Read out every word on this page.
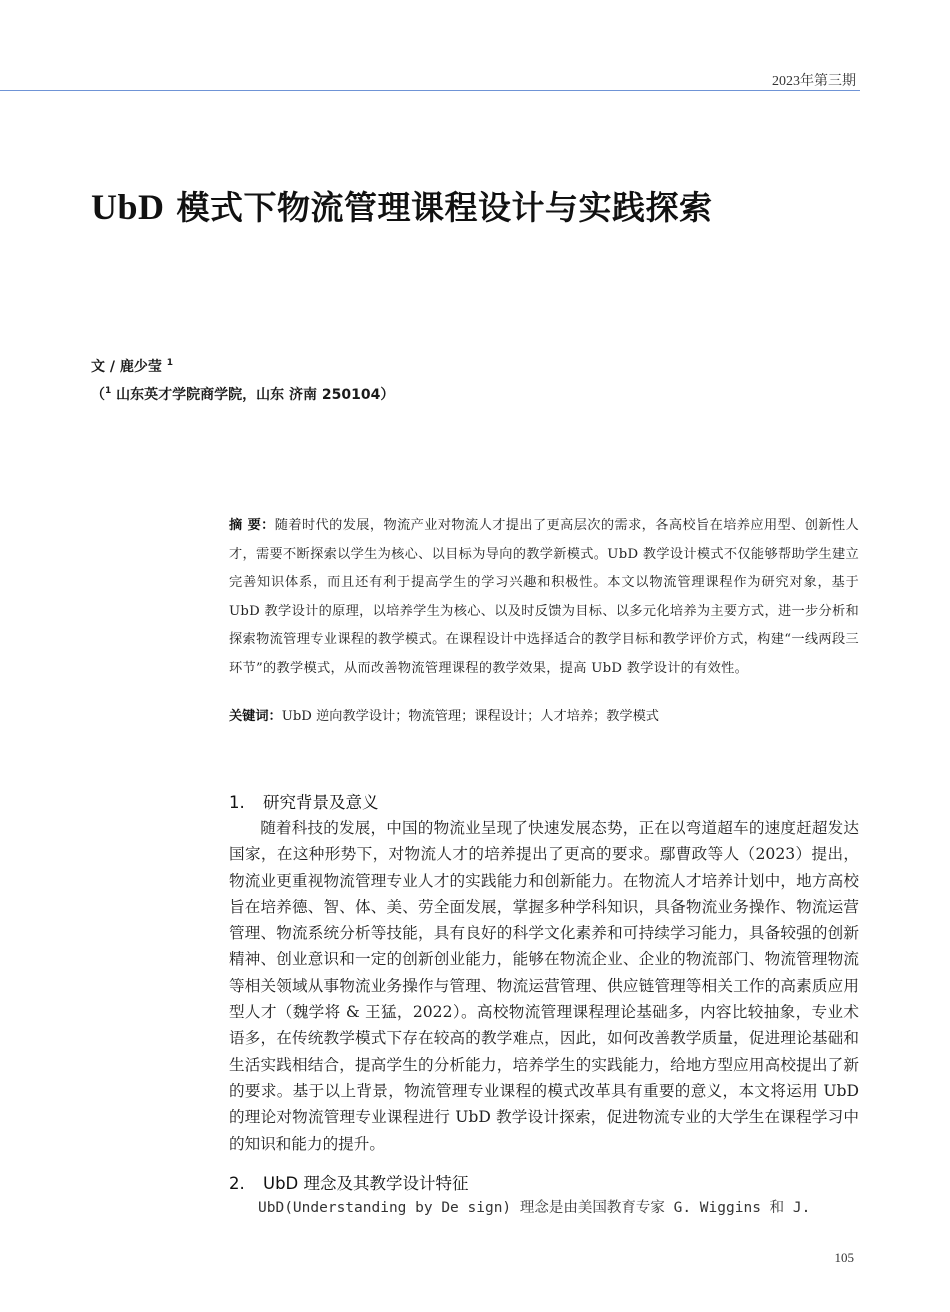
2023年第三期
UbD 模式下物流管理课程设计与实践探索
文 / 鹿少莹 $^1$
（$^1$ 山东英才学院商学院，山东 济南 250104）

摘 要：随着时代的发展，物流产业对物流人才提出了更高层次的需求，各高校旨在培养应用型、创新性人才，需要不断探索以学生为核心、以目标为导向的教学新模式。UbD 教学设计模式不仅能够帮助学生建立完善知识体系，而且还有利于提高学生的学习兴趣和积极性。本文以物流管理课程作为研究对象，基于 UbD 教学设计的原理，以培养学生为核心、以及时反馈为目标、以多元化培养为主要方式，进一步分析和探索物流管理专业课程的教学模式。在课程设计中选择适合的教学目标和教学评价方式，构建“一线两段三环节”的教学模式，从而改善物流管理课程的教学效果，提高 UbD 教学设计的有效性。

关键词：UbD 逆向教学设计；物流管理；课程设计；人才培养；教学模式

1. 研究背景及意义

随着科技的发展，中国的物流业呈现了快速发展态势，正在以弯道超车的速度赶超发达国家，在这种形势下，对物流人才的培养提出了更高的要求。鄢曹政等人（2023）提出，物流业更重视物流管理专业人才的实践能力和创新能力。在物流人才培养计划中，地方高校旨在培养德、智、体、美、劳全面发展，掌握多种学科知识，具备物流业务操作、物流运营管理、物流系统分析等技能，具有良好的科学文化素养和可持续学习能力，具备较强的创新精神、创业意识和一定的创新创业能力，能够在物流企业、企业的物流部门、物流管理物流等相关领域从事物流业务操作与管理、物流运营管理、供应链管理等相关工作的高素质应用型人才（魏学将 & 王猛，2022）。高校物流管理课程理论基础多，内容比较抽象，专业术语多，在传统教学模式下存在较高的教学难点，因此，如何改善教学质量，促进理论基础和生活实践相结合，提高学生的分析能力，培养学生的实践能力，给地方型应用高校提出了新的要求。基于以上背景，物流管理专业课程的模式改革具有重要的意义，本文将运用 UbD 的理论对物流管理专业课程进行 UbD 教学设计探索，促进物流专业的大学生在课程学习中的知识和能力的提升。

2. UbD 理念及其教学设计特征

UbD(Understanding by De sign) 理念是由美国教育专家 G. Wiggins 和 J.

105
